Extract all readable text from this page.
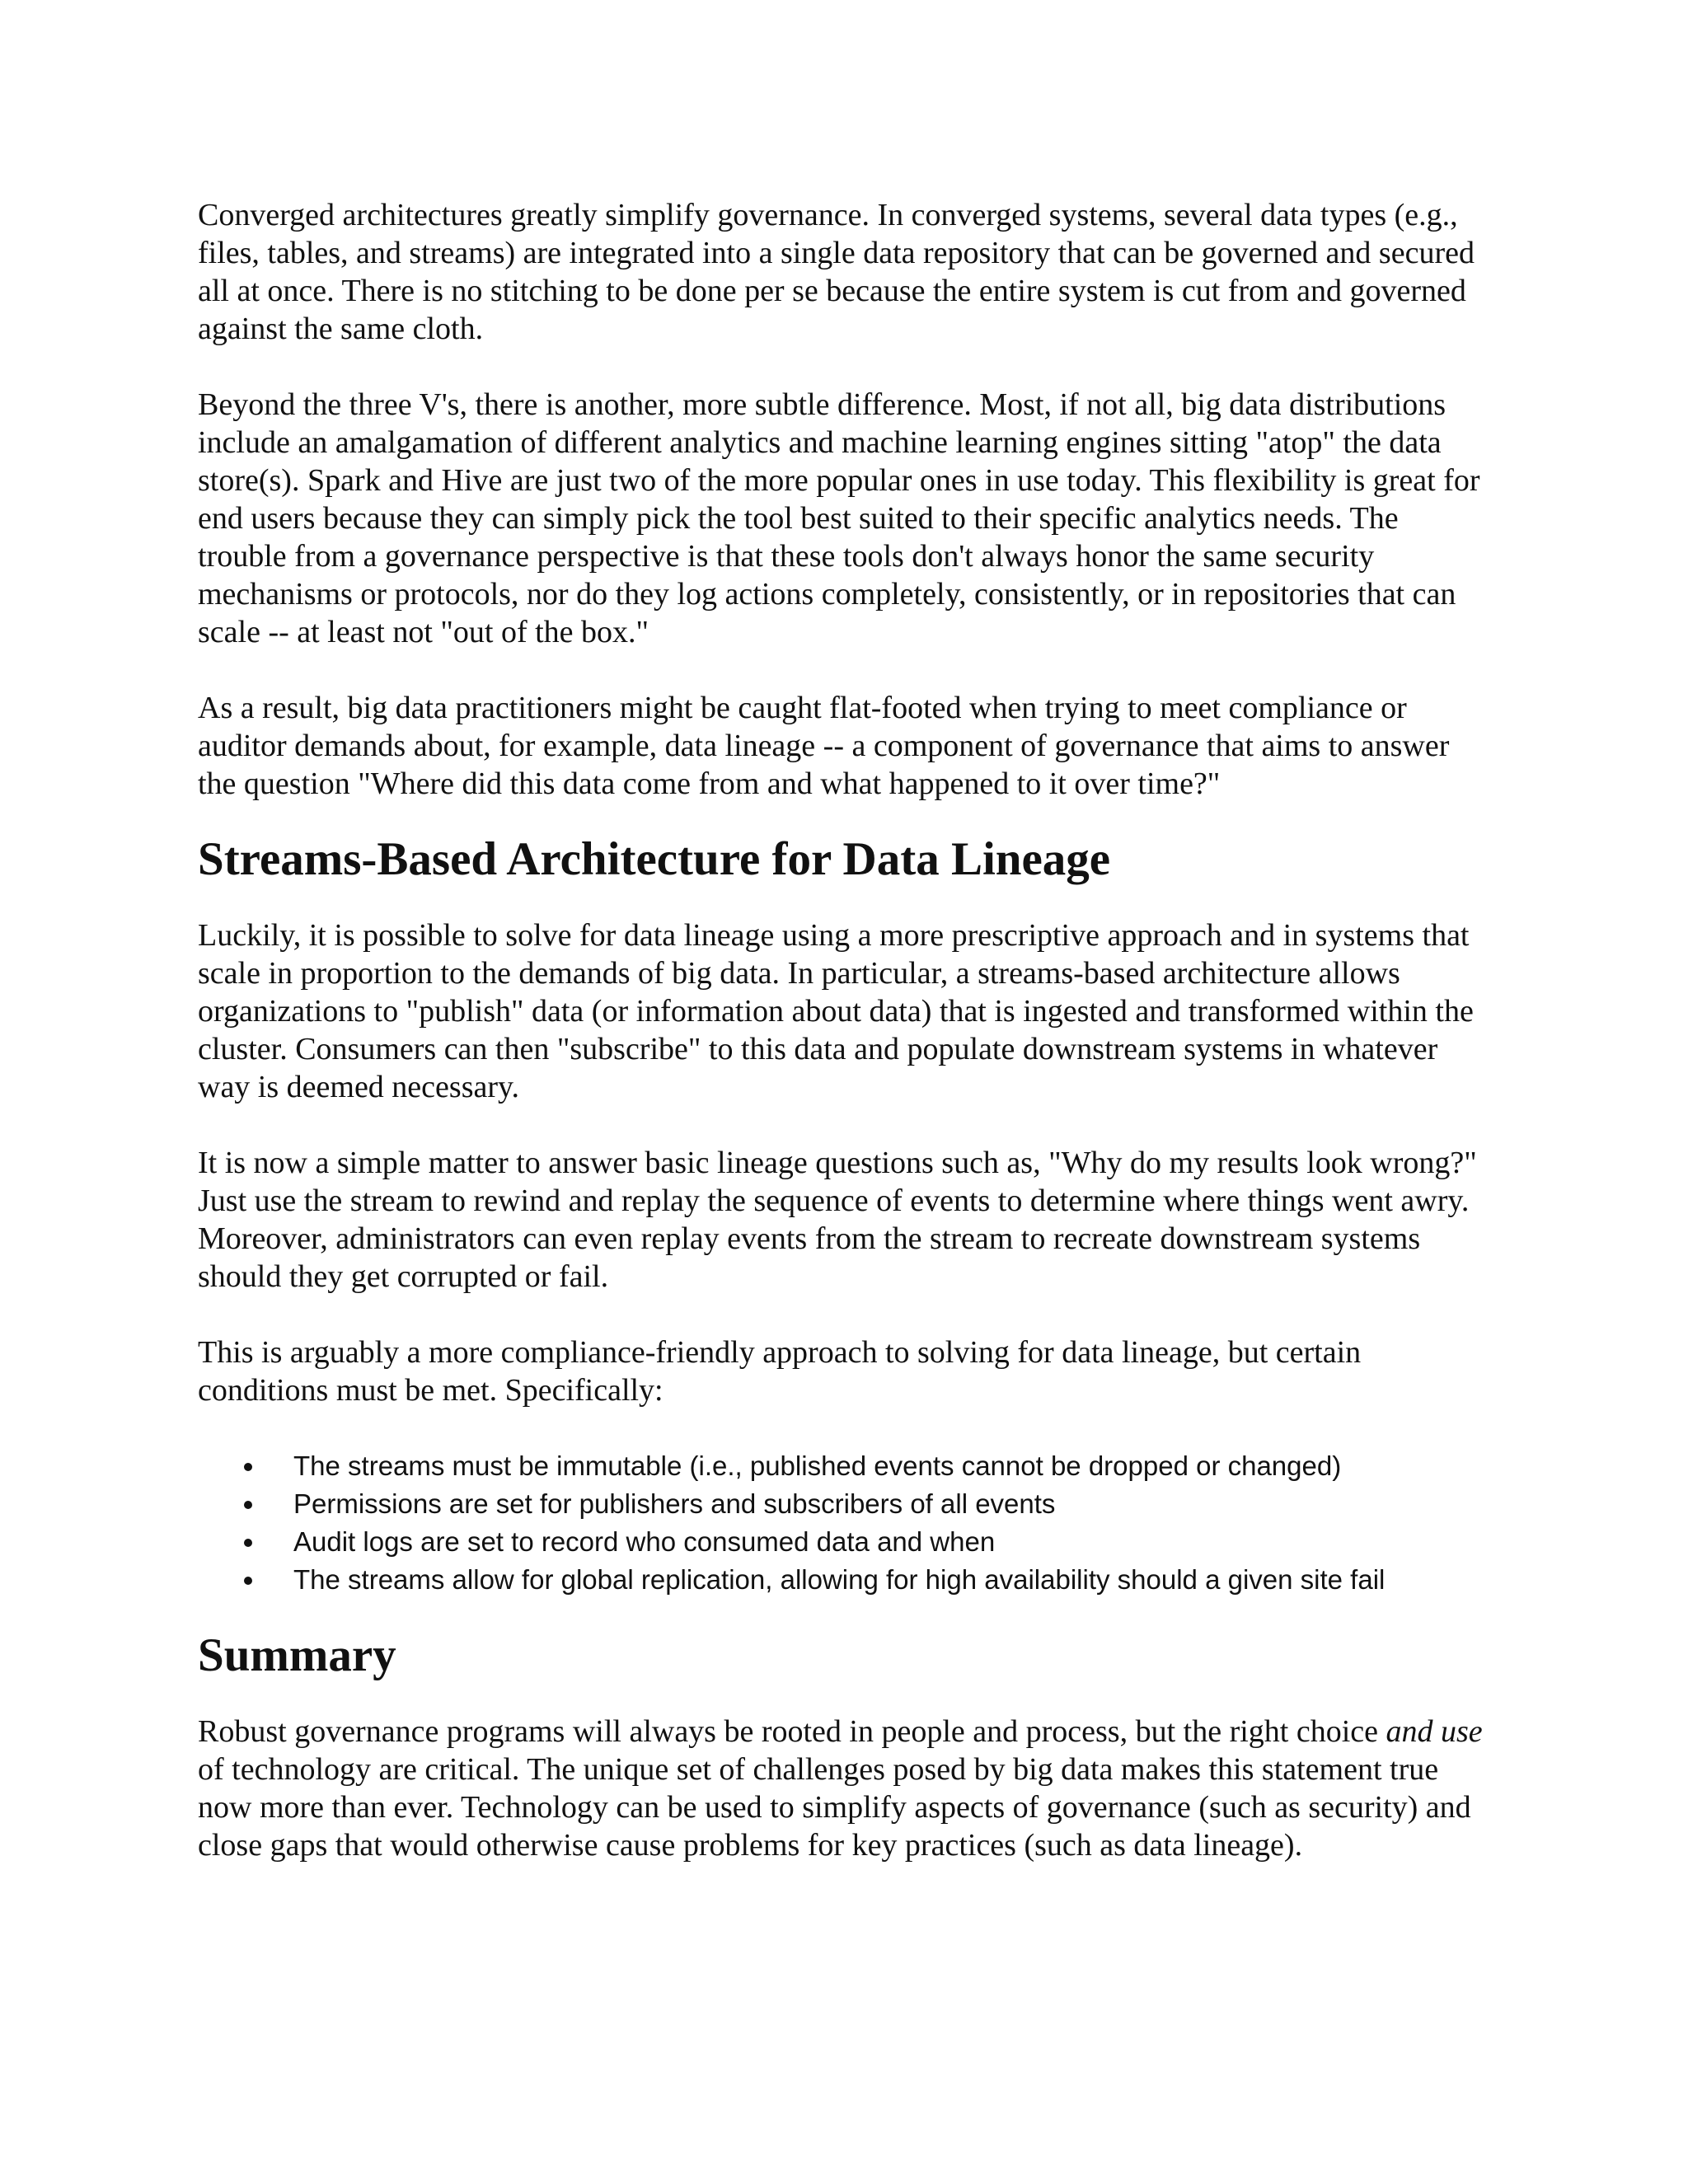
Converged architectures greatly simplify governance. In converged systems, several data types (e.g., files, tables, and streams) are integrated into a single data repository that can be governed and secured all at once. There is no stitching to be done per se because the entire system is cut from and governed against the same cloth.

Beyond the three V's, there is another, more subtle difference. Most, if not all, big data distributions include an amalgamation of different analytics and machine learning engines sitting "atop" the data store(s). Spark and Hive are just two of the more popular ones in use today. This flexibility is great for end users because they can simply pick the tool best suited to their specific analytics needs. The trouble from a governance perspective is that these tools don't always honor the same security mechanisms or protocols, nor do they log actions completely, consistently, or in repositories that can scale -- at least not "out of the box."

As a result, big data practitioners might be caught flat-footed when trying to meet compliance or auditor demands about, for example, data lineage -- a component of governance that aims to answer the question "Where did this data come from and what happened to it over time?"

Streams-Based Architecture for Data Lineage

Luckily, it is possible to solve for data lineage using a more prescriptive approach and in systems that scale in proportion to the demands of big data. In particular, a streams-based architecture allows organizations to "publish" data (or information about data) that is ingested and transformed within the cluster. Consumers can then "subscribe" to this data and populate downstream systems in whatever way is deemed necessary.

It is now a simple matter to answer basic lineage questions such as, "Why do my results look wrong?" Just use the stream to rewind and replay the sequence of events to determine where things went awry. Moreover, administrators can even replay events from the stream to recreate downstream systems should they get corrupted or fail.

This is arguably a more compliance-friendly approach to solving for data lineage, but certain conditions must be met. Specifically:

The streams must be immutable (i.e., published events cannot be dropped or changed)
Permissions are set for publishers and subscribers of all events
Audit logs are set to record who consumed data and when
The streams allow for global replication, allowing for high availability should a given site fail
Summary

Robust governance programs will always be rooted in people and process, but the right choice and use of technology are critical. The unique set of challenges posed by big data makes this statement true now more than ever. Technology can be used to simplify aspects of governance (such as security) and close gaps that would otherwise cause problems for key practices (such as data lineage).
